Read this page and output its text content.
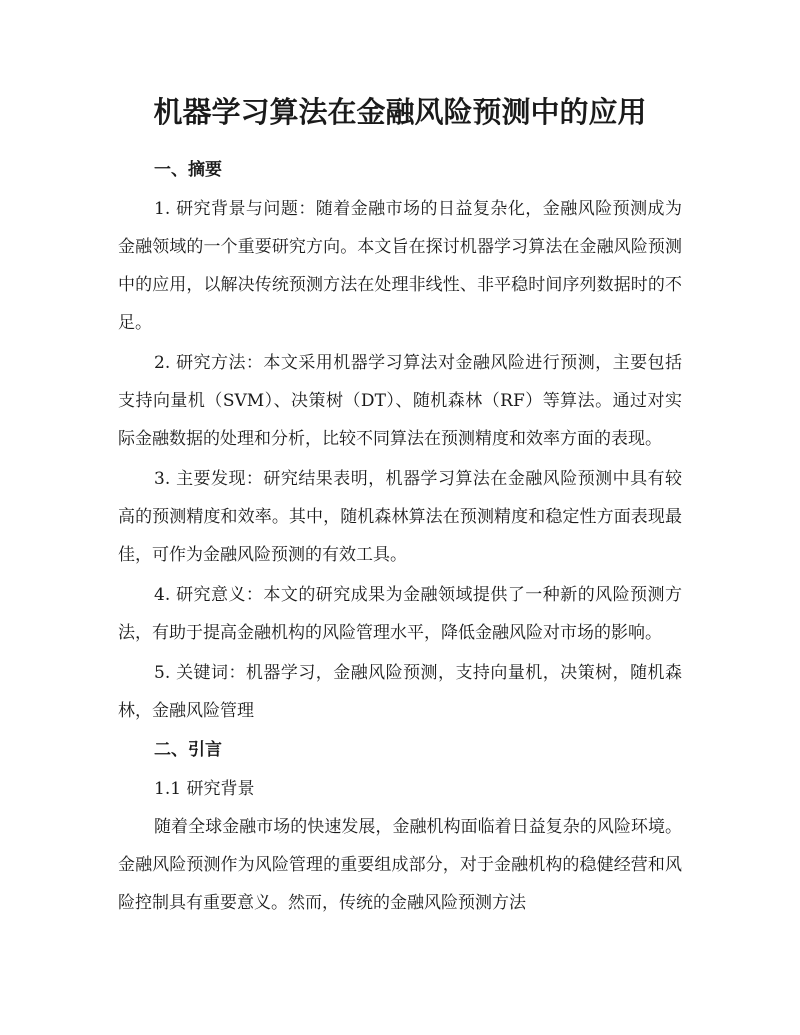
机器学习算法在金融风险预测中的应用
一、摘要

1. 研究背景与问题：随着金融市场的日益复杂化，金融风险预测成为金融领域的一个重要研究方向。本文旨在探讨机器学习算法在金融风险预测中的应用，以解决传统预测方法在处理非线性、非平稳时间序列数据时的不足。

2. 研究方法：本文采用机器学习算法对金融风险进行预测，主要包括支持向量机（SVM）、决策树（DT）、随机森林（RF）等算法。通过对实际金融数据的处理和分析，比较不同算法在预测精度和效率方面的表现。

3. 主要发现：研究结果表明，机器学习算法在金融风险预测中具有较高的预测精度和效率。其中，随机森林算法在预测精度和稳定性方面表现最佳，可作为金融风险预测的有效工具。

4. 研究意义：本文的研究成果为金融领域提供了一种新的风险预测方法，有助于提高金融机构的风险管理水平，降低金融风险对市场的影响。

5. 关键词：机器学习，金融风险预测，支持向量机，决策树，随机森林，金融风险管理

二、引言

1.1 研究背景

随着全球金融市场的快速发展，金融机构面临着日益复杂的风险环境。金融风险预测作为风险管理的重要组成部分，对于金融机构的稳健经营和风险控制具有重要意义。然而，传统的金融风险预测方法
